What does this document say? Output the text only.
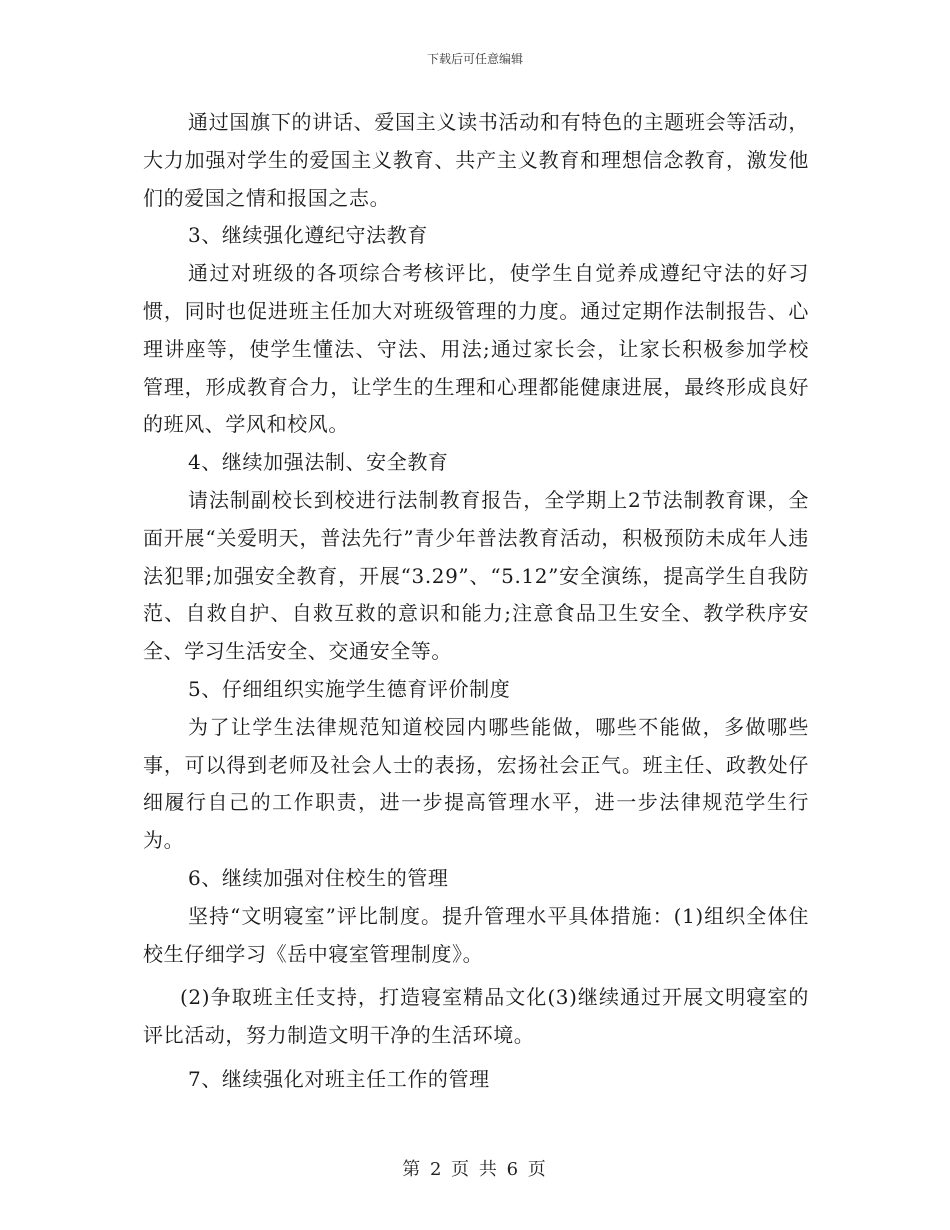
下载后可任意编辑

通过国旗下的讲话、爱国主义读书活动和有特色的主题班会等活动，大力加强对学生的爱国主义教育、共产主义教育和理想信念教育，激发他们的爱国之情和报国之志。

3、继续强化遵纪守法教育

通过对班级的各项综合考核评比，使学生自觉养成遵纪守法的好习惯，同时也促进班主任加大对班级管理的力度。通过定期作法制报告、心理讲座等，使学生懂法、守法、用法;通过家长会，让家长积极参加学校管理，形成教育合力，让学生的生理和心理都能健康进展，最终形成良好的班风、学风和校风。

4、继续加强法制、安全教育

请法制副校长到校进行法制教育报告，全学期上2节法制教育课，全面开展“关爱明天，普法先行”青少年普法教育活动，积极预防未成年人违法犯罪;加强安全教育，开展“3.29”、“5.12”安全演练，提高学生自我防范、自救自护、自救互救的意识和能力;注意食品卫生安全、教学秩序安全、学习生活安全、交通安全等。

5、仔细组织实施学生德育评价制度

为了让学生法律规范知道校园内哪些能做，哪些不能做，多做哪些事，可以得到老师及社会人士的表扬，宏扬社会正气。班主任、政教处仔细履行自己的工作职责，进一步提高管理水平，进一步法律规范学生行为。

6、继续加强对住校生的管理

坚持“文明寝室”评比制度。提升管理水平具体措施：(1)组织全体住校生仔细学习《岳中寝室管理制度》。

(2)争取班主任支持，打造寝室精品文化(3)继续通过开展文明寝室的评比活动，努力制造文明干净的生活环境。

7、继续强化对班主任工作的管理

第 2 页 共 6 页
